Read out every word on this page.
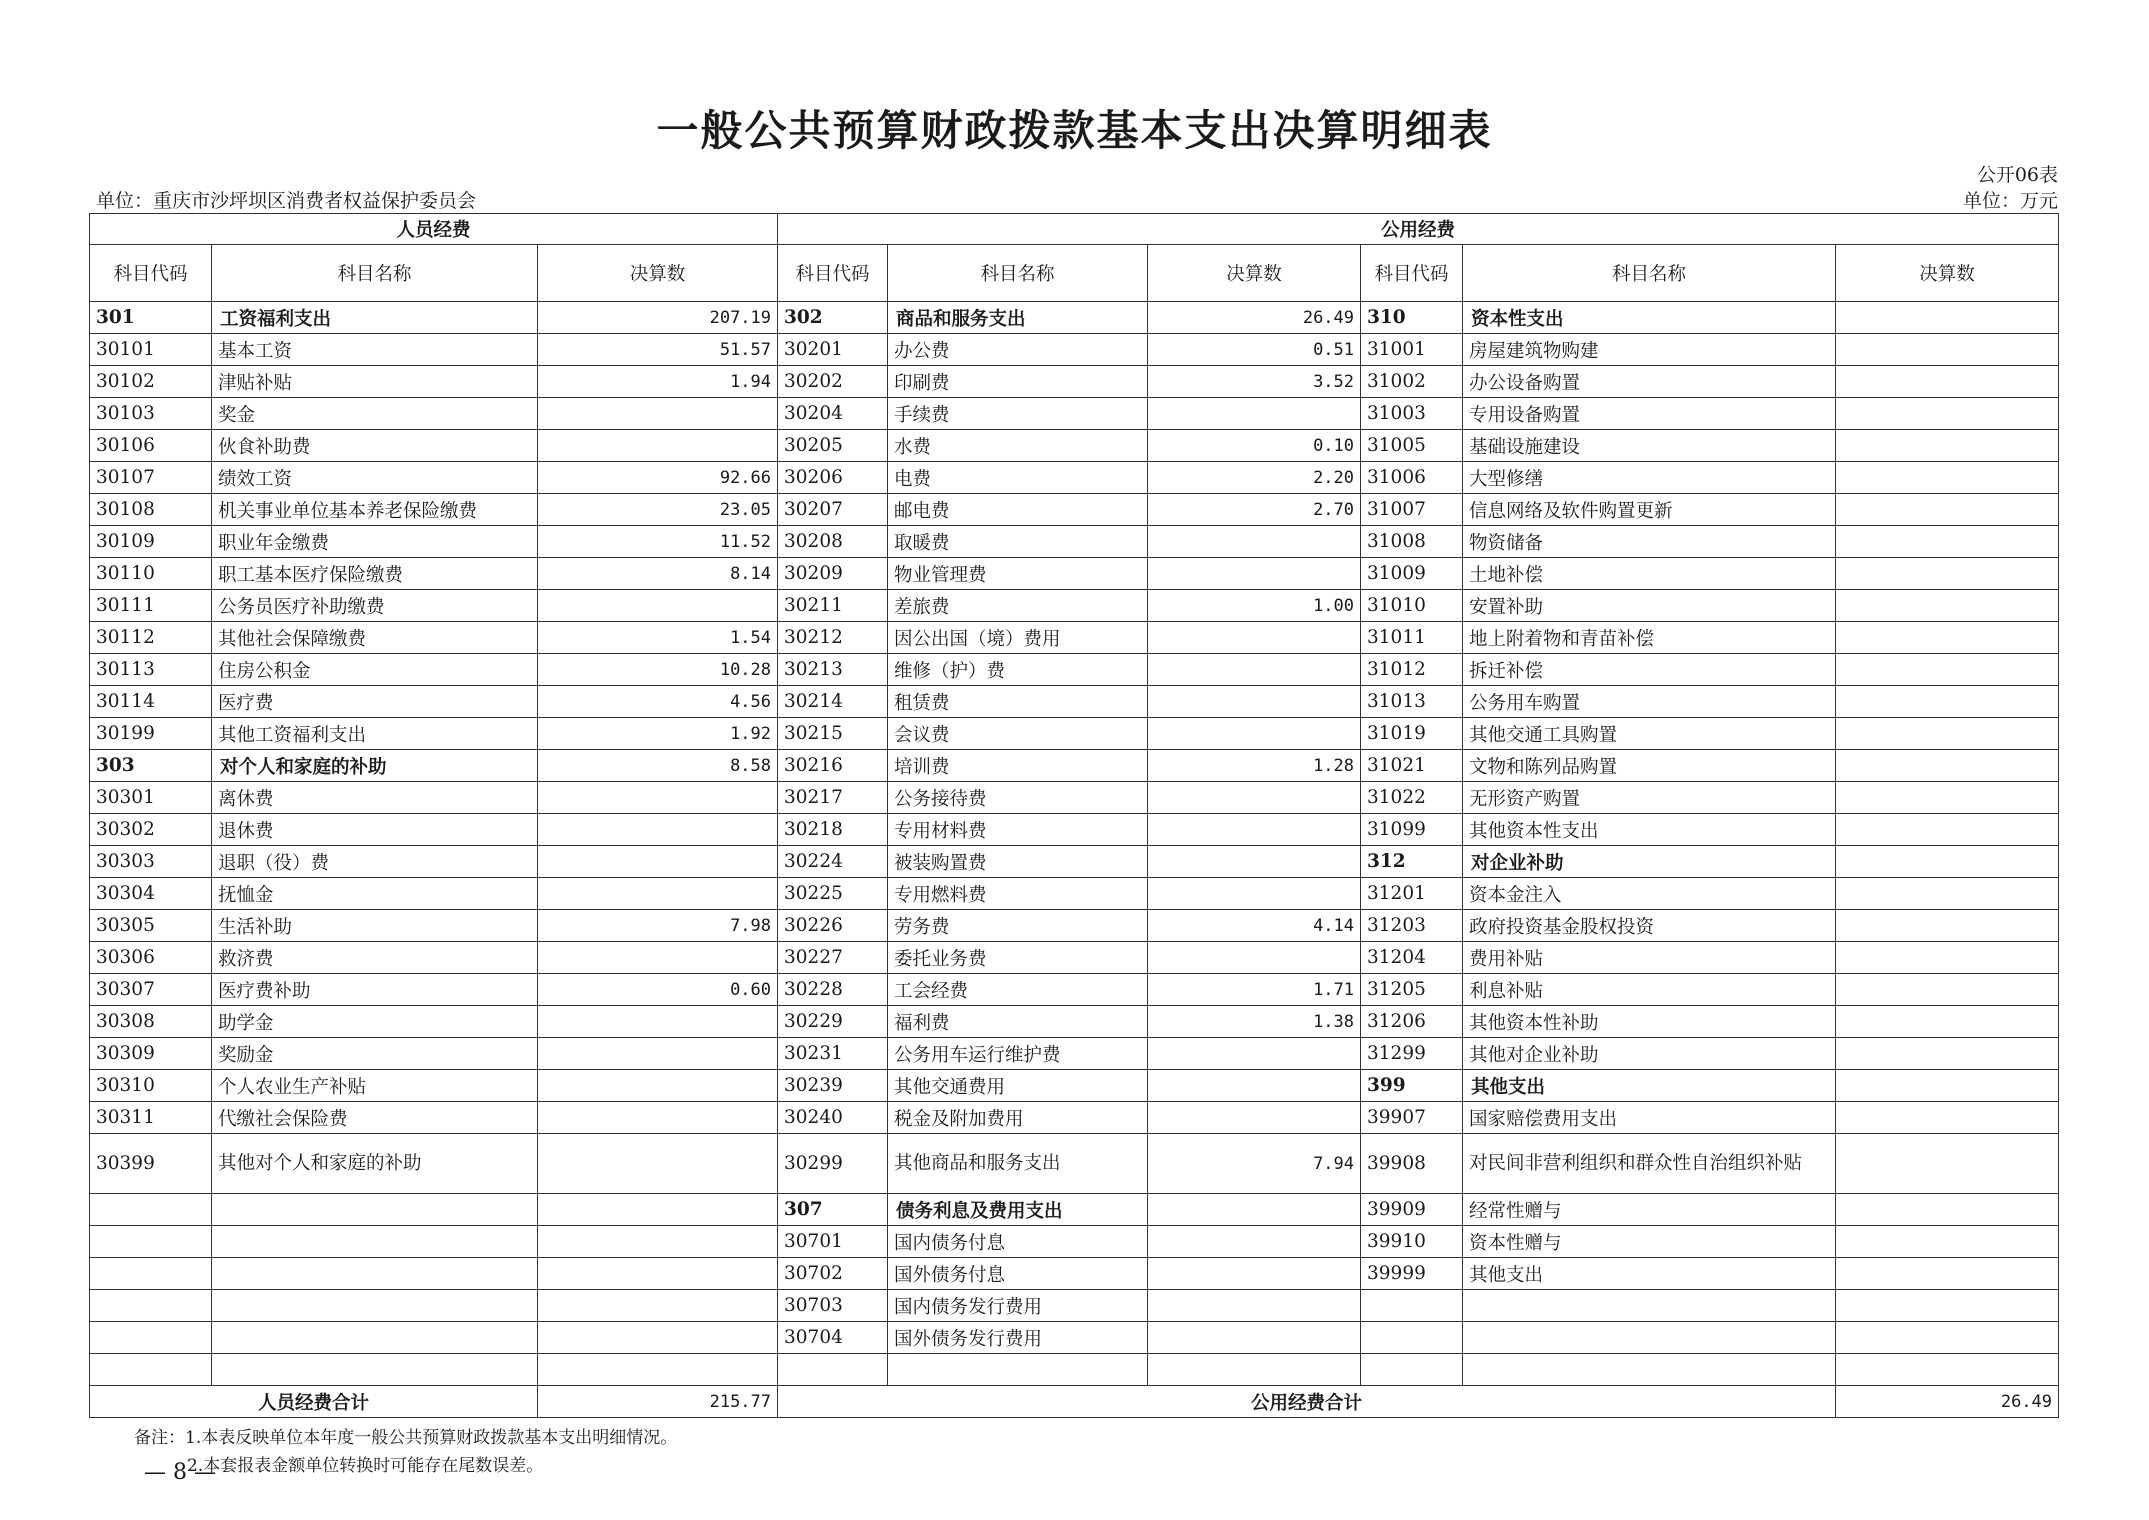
一般公共预算财政拨款基本支出决算明细表
公开06表
单位：重庆市沙坪坝区消费者权益保护委员会	单位：万元
人员经费			公用经费					
科目代码	科目名称	决算数	科目代码	科目名称	决算数	科目代码	科目名称	决算数
301	工资福利支出	207.19	302	商品和服务支出	26.49	310	资本性支出	
30101	基本工资	51.57	30201	办公费	0.51	31001	房屋建筑物购建	
30102	津贴补贴	1.94	30202	印刷费	3.52	31002	办公设备购置	
30103	奖金		30204	手续费		31003	专用设备购置	
30106	伙食补助费		30205	水费	0.10	31005	基础设施建设	
30107	绩效工资	92.66	30206	电费	2.20	31006	大型修缮	
30108	机关事业单位基本养老保险缴费	23.05	30207	邮电费	2.70	31007	信息网络及软件购置更新	
30109	职业年金缴费	11.52	30208	取暖费		31008	物资储备	
30110	职工基本医疗保险缴费	8.14	30209	物业管理费		31009	土地补偿	
30111	公务员医疗补助缴费		30211	差旅费	1.00	31010	安置补助	
30112	其他社会保障缴费	1.54	30212	因公出国（境）费用		31011	地上附着物和青苗补偿	
30113	住房公积金	10.28	30213	维修（护）费		31012	拆迁补偿	
30114	医疗费	4.56	30214	租赁费		31013	公务用车购置	
30199	其他工资福利支出	1.92	30215	会议费		31019	其他交通工具购置	
303	对个人和家庭的补助	8.58	30216	培训费	1.28	31021	文物和陈列品购置	
30301	离休费		30217	公务接待费		31022	无形资产购置	
30302	退休费		30218	专用材料费		31099	其他资本性支出	
30303	退职（役）费		30224	被装购置费		312	对企业补助	
30304	抚恤金		30225	专用燃料费		31201	资本金注入	
30305	生活补助	7.98	30226	劳务费	4.14	31203	政府投资基金股权投资	
30306	救济费		30227	委托业务费		31204	费用补贴	
30307	医疗费补助	0.60	30228	工会经费	1.71	31205	利息补贴	
30308	助学金		30229	福利费	1.38	31206	其他资本性补助	
30309	奖励金		30231	公务用车运行维护费		31299	其他对企业补助	
30310	个人农业生产补贴		30239	其他交通费用		399	其他支出	
30311	代缴社会保险费		30240	税金及附加费用		39907	国家赔偿费用支出	
30399	其他对个人和家庭的补助		30299	其他商品和服务支出	7.94	39908	对民间非营利组织和群众性自治组织补贴	
			307	债务利息及费用支出		39909	经常性赠与	
			30701	国内债务付息		39910	资本性赠与	
			30702	国外债务付息		39999	其他支出	
			30703	国内债务发行费用				
			30704	国外债务发行费用				

人员经费合计		215.77	公用经费合计					26.49
备注：1.本表反映单位本年度一般公共预算财政拨款基本支出明细情况。
2.本套报表金额单位转换时可能存在尾数误差。
— 8 —
